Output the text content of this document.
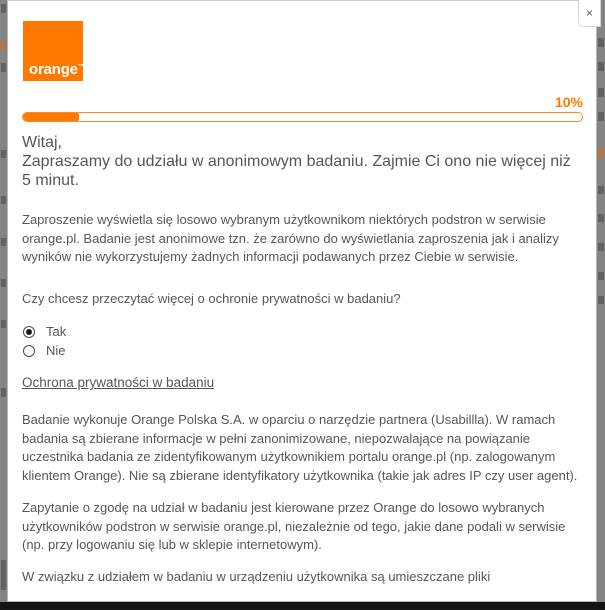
orange™
10%
Witaj,
Zapraszamy do udziału w anonimowym badaniu. Zajmie Ci ono nie więcej niż 5 minut.

Zaproszenie wyświetla się losowo wybranym użytkownikom niektórych podstron w serwisie orange.pl. Badanie jest anonimowe tzn. że zarówno do wyświetlania zaproszenia jak i analizy wyników nie wykorzystujemy żadnych informacji podawanych przez Ciebie w serwisie.

Czy chcesz przeczytać więcej o ochronie prywatności w badaniu?

Tak
Nie
Ochrona prywatności w badaniu

Badanie wykonuje Orange Polska S.A. w oparciu o narzędzie partnera (Usabillla). W ramach badania są zbierane informacje w pełni zanonimizowane, niepozwalające na powiązanie uczestnika badania ze zidentyfikowanym użytkownikiem portalu orange.pl (np. zalogowanym klientem Orange). Nie są zbierane identyfikatory użytkownika (takie jak adres IP czy user agent).

Zapytanie o zgodę na udział w badaniu jest kierowane przez Orange do losowo wybranych użytkowników podstron w serwisie orange.pl, niezależnie od tego, jakie dane podali w serwisie (np. przy logowaniu się lub w sklepie internetowym).

W związku z udziałem w badaniu w urządzeniu użytkownika są umieszczane pliki

×
